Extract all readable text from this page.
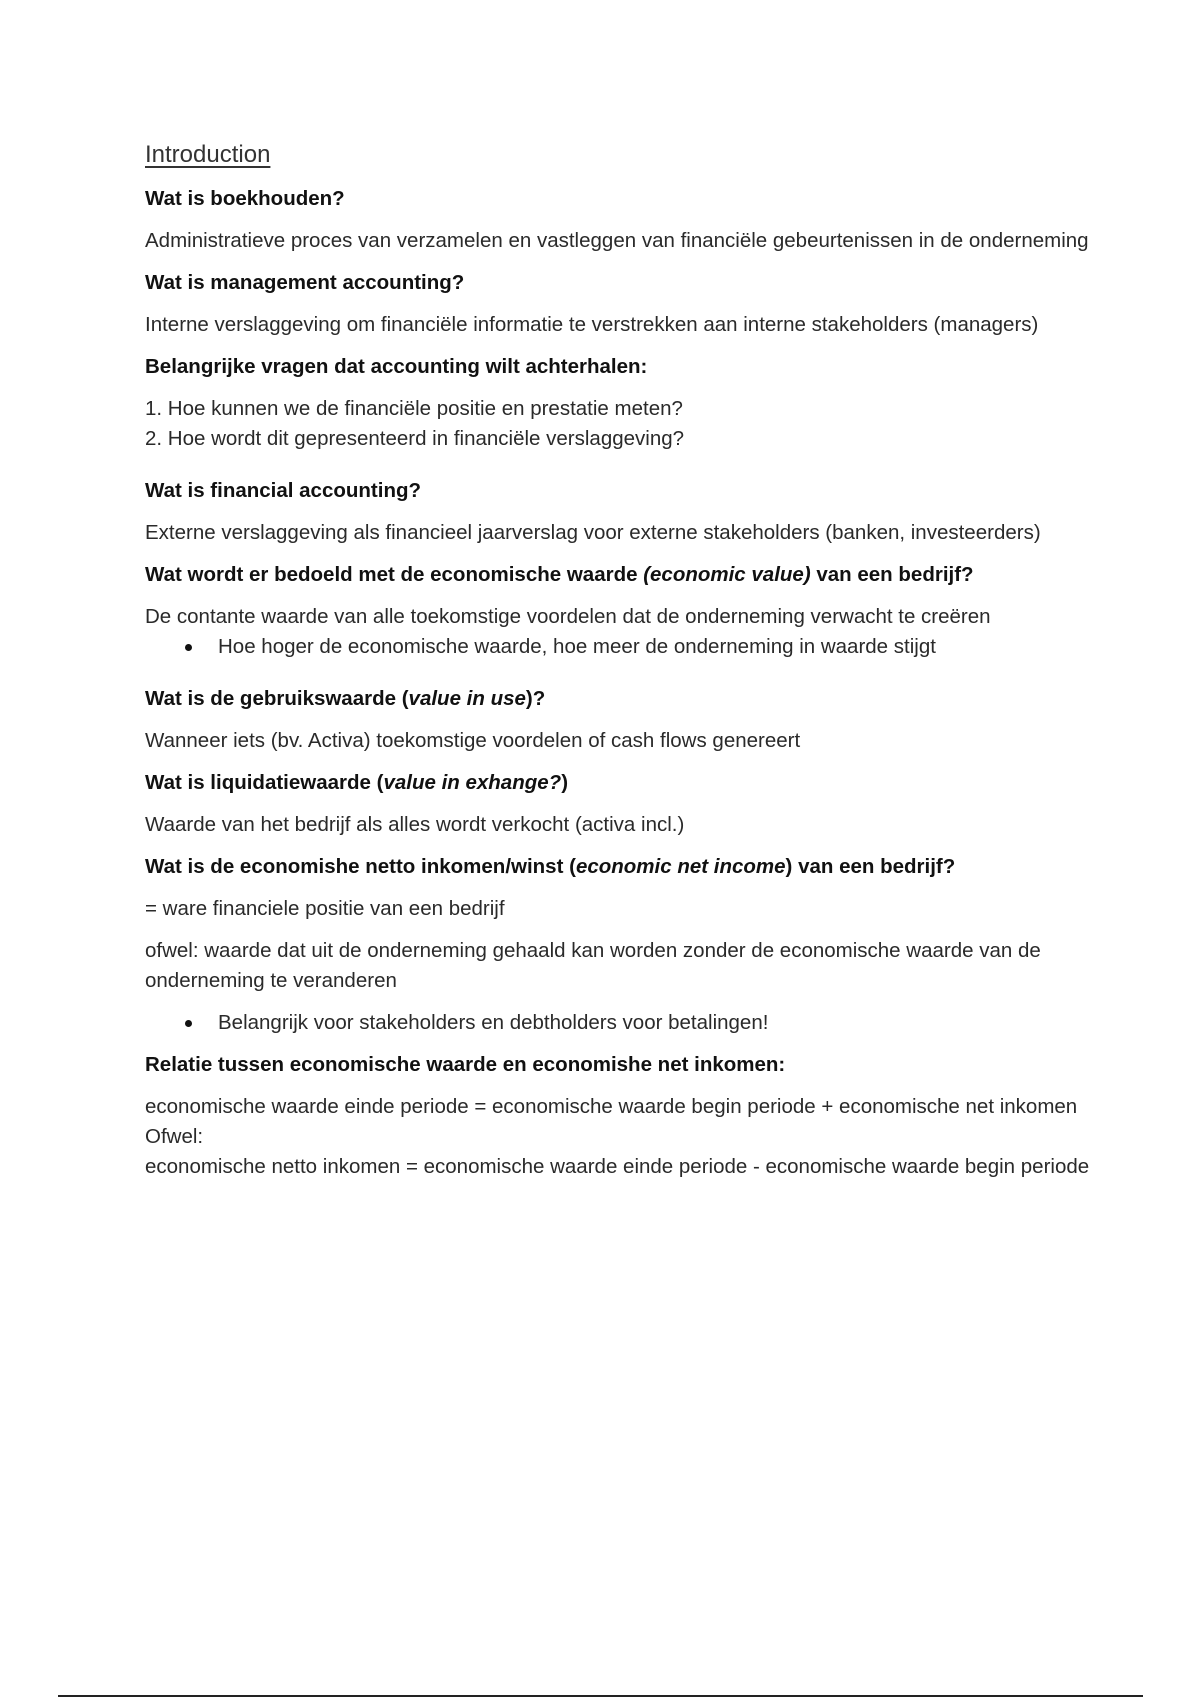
Introduction
Wat is boekhouden?
Administratieve proces van verzamelen en vastleggen van financiële gebeurtenissen in de onderneming
Wat is management accounting?
Interne verslaggeving om financiële informatie te verstrekken aan interne stakeholders (managers)
Belangrijke vragen dat accounting wilt achterhalen:
1. Hoe kunnen we de financiële positie en prestatie meten?
2. Hoe wordt dit gepresenteerd in financiële verslaggeving?
Wat is financial accounting?
Externe verslaggeving als financieel jaarverslag voor externe stakeholders (banken, investeerders)
Wat wordt er bedoeld met de economische waarde (economic value) van een bedrijf?
De contante waarde van alle toekomstige voordelen dat de onderneming verwacht te creëren
Hoe hoger de economische waarde, hoe meer de onderneming in waarde stijgt
Wat is de gebruikswaarde (value in use)?
Wanneer iets (bv. Activa) toekomstige voordelen of cash flows genereert
Wat is liquidatiewaarde (value in exhange?)
Waarde van het bedrijf als alles wordt verkocht (activa incl.)
Wat is de economishe netto inkomen/winst (economic net income) van een bedrijf?
= ware financiele positie van een bedrijf
ofwel: waarde dat uit de onderneming gehaald kan worden zonder de economische waarde van de onderneming te veranderen
Belangrijk voor stakeholders en debtholders voor betalingen!
Relatie tussen economische waarde en economishe net inkomen:
economische waarde einde periode = economische waarde begin periode + economische net inkomen
Ofwel:
economische netto inkomen = economische waarde einde periode - economische waarde begin periode
